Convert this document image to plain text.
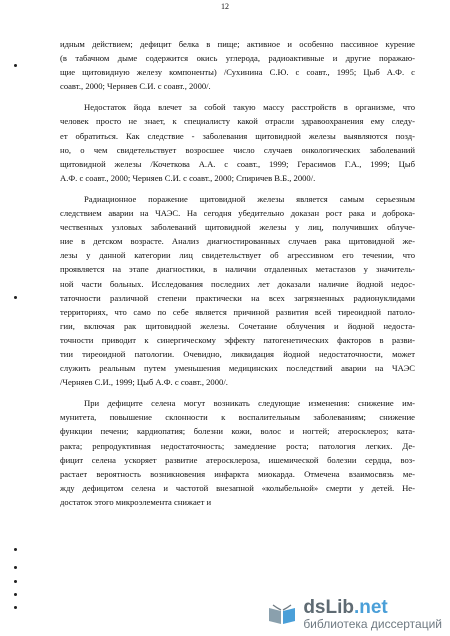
12
идным действием; дефицит белка в пище; активное и особенно пассивное курение
(в табачном дыме содержится окись углерода, радиоактивные и другие поражаю-
щие щитовидную железу компоненты) /Сухинина С.Ю. с соавт., 1995; Цыб А.Ф. с
соавт., 2000; Черняев С.И. с соавт., 2000/.
Недостаток йода влечет за собой такую массу расстройств в организме, что
человек просто не знает, к специалисту какой отрасли здравоохранения ему следу-
ет обратиться. Как следствие - заболевания щитовидной железы выявляются позд-
но, о чем свидетельствует возросшее число случаев онкологических заболеваний
щитовидной железы /Кочеткова А.А. с соавт., 1999; Герасимов Г.А., 1999; Цыб
А.Ф. с соавт., 2000; Черняев С.И. с соавт., 2000; Спиричев В.Б., 2000/.
Радиационное поражение щитовидной железы является самым серьезным
следствием аварии на ЧАЭС. На сегодня убедительно доказан рост рака и доброка-
чественных узловых заболеваний щитовидной железы у лиц, получивших облуче-
ние в детском возрасте. Анализ диагностированных случаев рака щитовидной же-
лезы у данной категории лиц свидетельствует об агрессивном его течении, что
проявляется на этапе диагностики, в наличии отдаленных метастазов у значитель-
ной части больных. Исследования последних лет доказали наличие йодной недос-
таточности различной степени практически на всех загрязненных радионуклидами
территориях, что само по себе является причиной развития всей тиреоидной патоло-
гии, включая рак щитовидной железы. Сочетание облучения и йодной недоста-
точности приводит к синергическому эффекту патогенетических факторов в разви-
тии тиреоидной патологии. Очевидно, ликвидация йодной недостаточности, может
служить реальным путем уменьшения медицинских последствий аварии на ЧАЭС
/Черняев С.И., 1999; Цыб А.Ф. с соавт., 2000/.
При дефиците селена могут возникать следующие изменения: снижение им-
мунитета, повышение склонности к воспалительным заболеваниям; снижение
функции печени; кардиопатия; болезни кожи, волос и ногтей; атеросклероз; ката-
ракта; репродуктивная недостаточность; замедление роста; патология легких. Де-
фицит селена ускоряет развитие атеросклероза, ишемической болезни сердца, воз-
растает вероятность возникновения инфаркта миокарда. Отмечена взаимосвязь ме-
жду дефицитом селена и частотой внезапной «колыбельной» смерти у детей. Не-
достаток этого микроэлемента снижает и
dsLib.net
библиотека диссертаций
